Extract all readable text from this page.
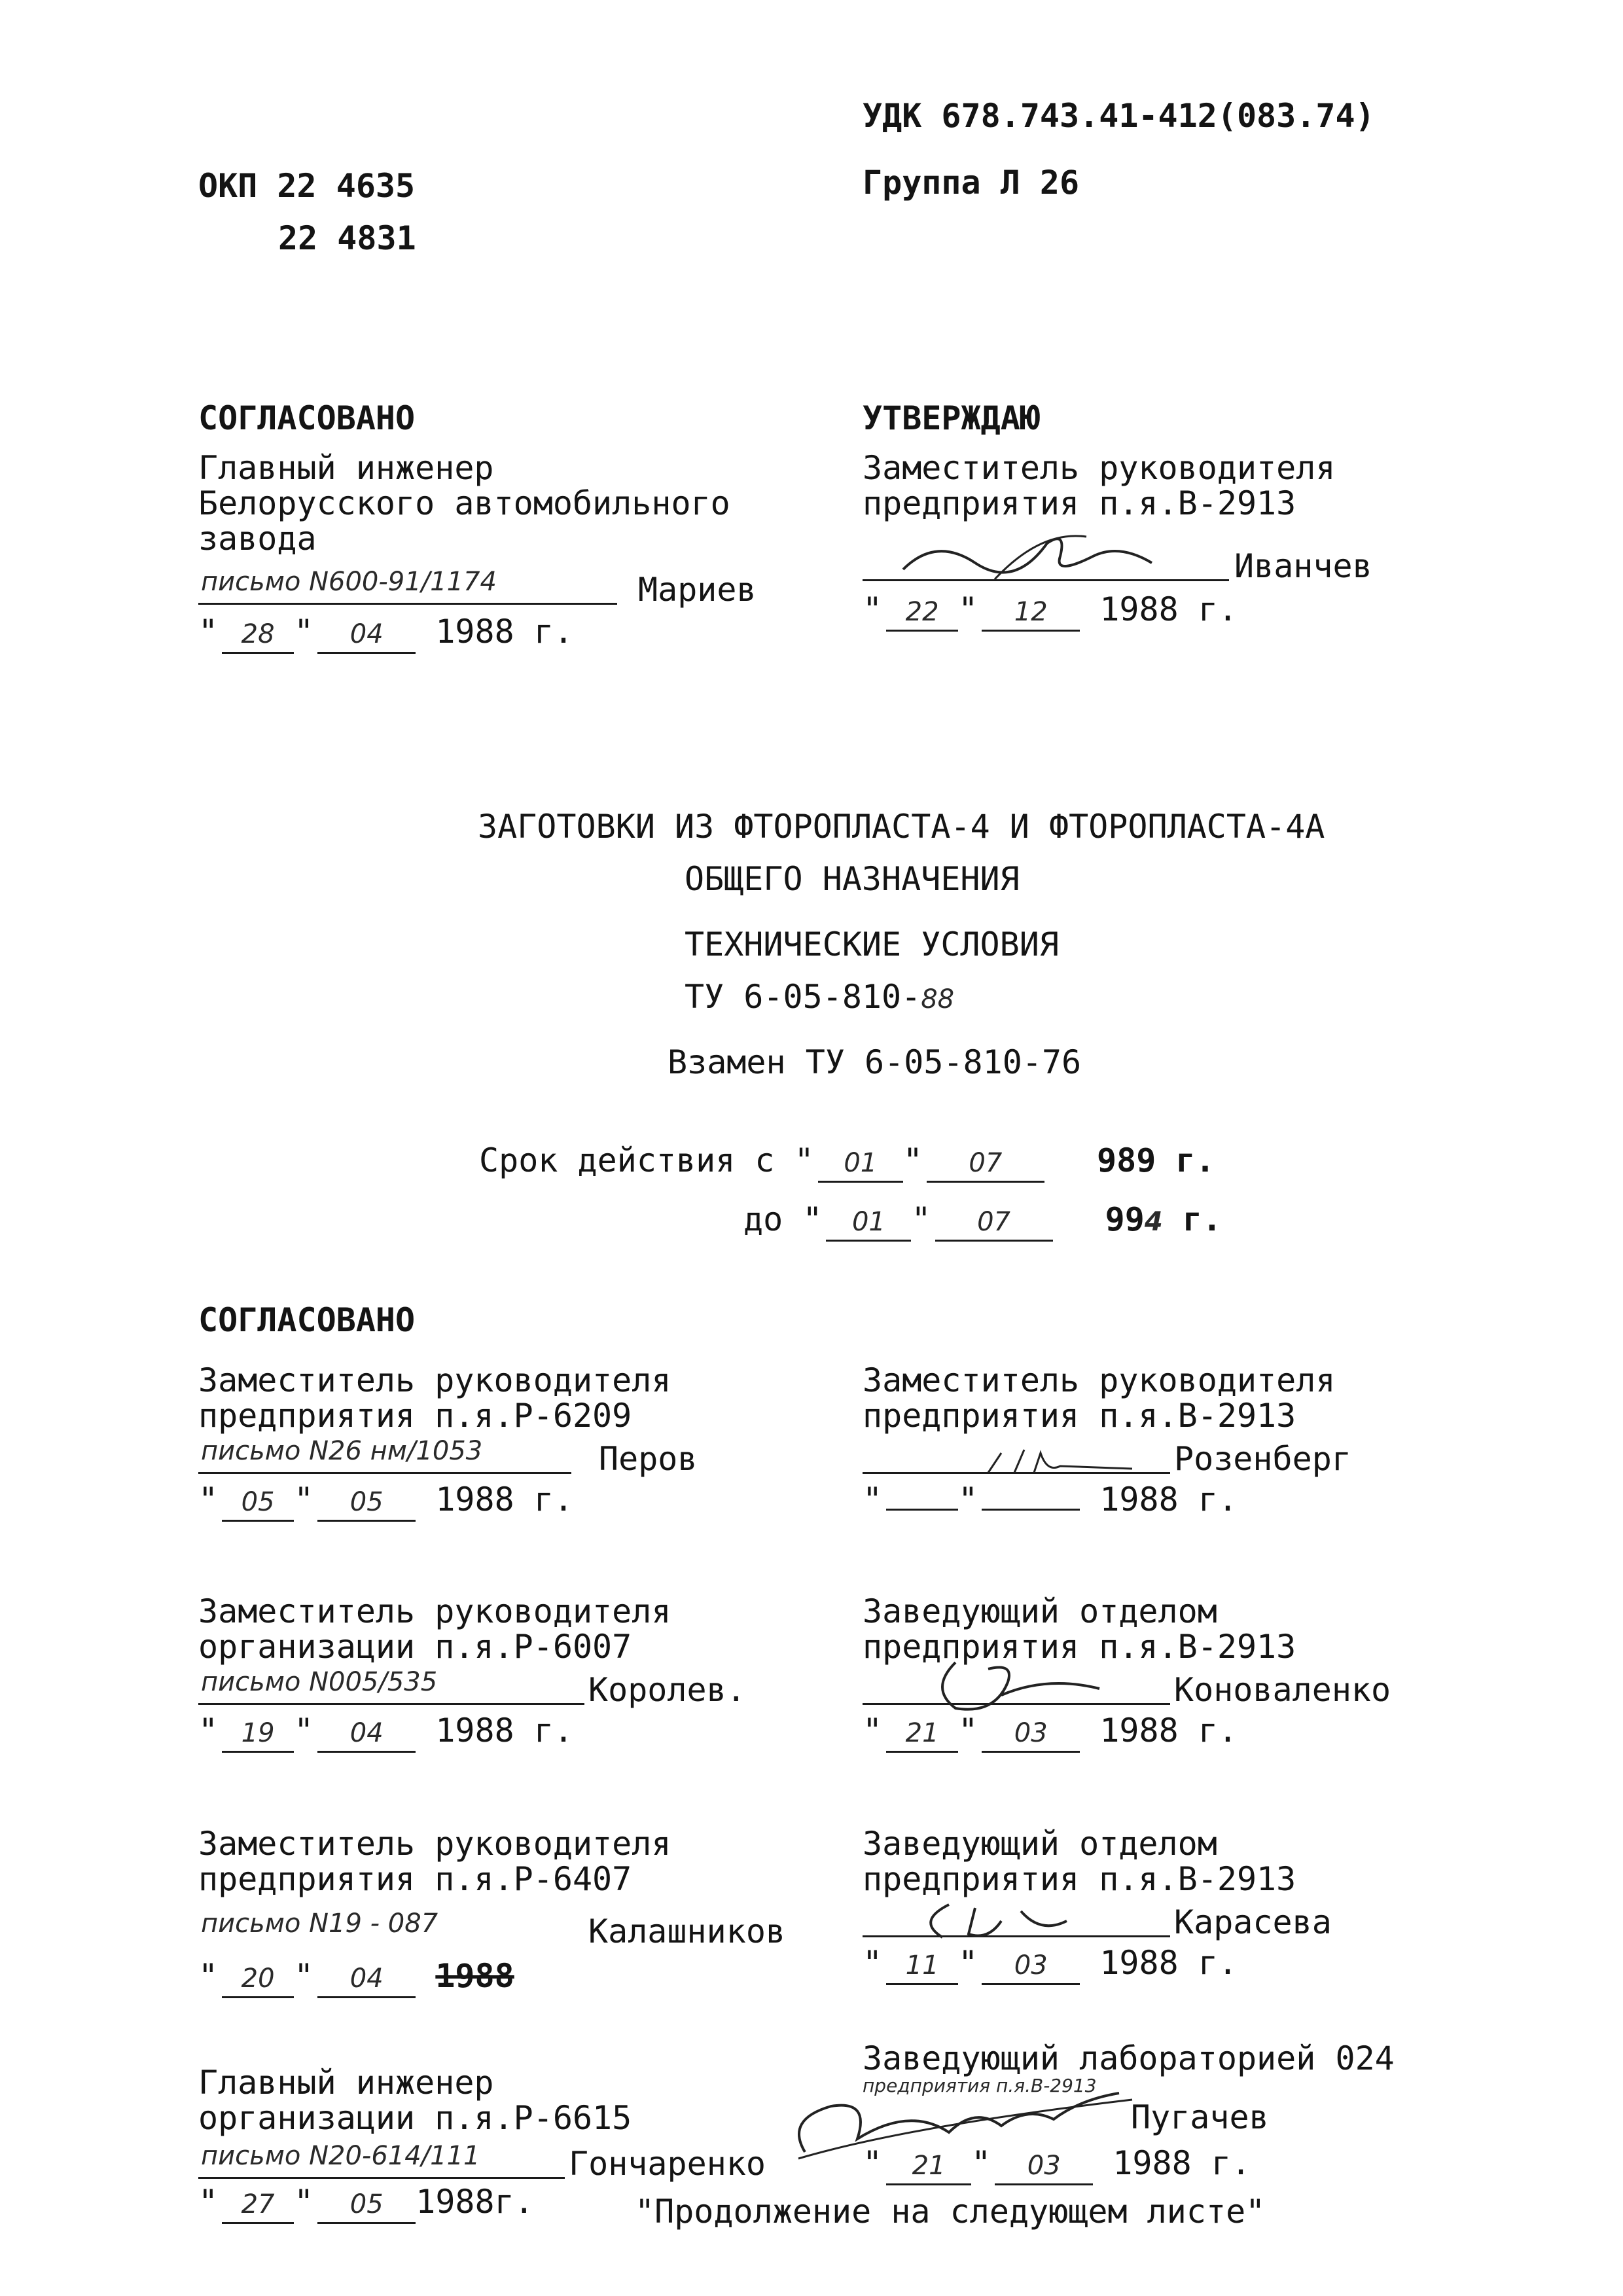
УДК 678.743.41-412(083.74)
Группа Л 26
ОКП 22 4635
22 4831
СОГЛАСОВАНО
Главный инженер
Белорусского автомобильного
завода
письмо N600-91/1174	Мариев
" 28 " 04 1988 г.
УТВЕРЖДАЮ
Заместитель руководителя
предприятия п.я.В-2913
Иванчев
" 22 " 12 1988 г.
ЗАГОТОВКИ ИЗ ФТОРОПЛАСТА-4 И ФТОРОПЛАСТА-4А
ОБЩЕГО НАЗНАЧЕНИЯ
ТЕХНИЧЕСКИЕ УСЛОВИЯ
ТУ 6-05-810-88
Взамен ТУ 6-05-810-76
Срок действия с " 01 " 07	989 г.
до " 01 " 07	994 г.
СОГЛАСОВАНО
Заместитель руководителя
предприятия п.я.Р-6209
письмо N26 нм/1053	Перов
" 05 " 05 1988 г.
Заместитель руководителя
предприятия п.я.В-2913
Розенберг
" "	1988 г.
Заместитель руководителя
организации п.я.Р-6007
письмо N005/535	Королев.
" 19 " 04 1988 г.
Заведующий отделом
предприятия п.я.В-2913
Коноваленко
" 21 " 03 1988 г.
Заместитель руководителя
предприятия п.я.Р-6407
письмо N19 - 087	Калашников
" 20 " 04 1988
Заведующий отделом
предприятия п.я.В-2913
Карасева
" 11 " 03 1988 г.
Главный инженер
организации п.я.Р-6615
письмо N20-614/111	Гончаренко
" 27 " 05 1988г.
Заведующий лабораторией 024
предприятия п.я.В-2913
Пугачев
" 21 " 03 1988 г.
"Продолжение на следующем листе"
